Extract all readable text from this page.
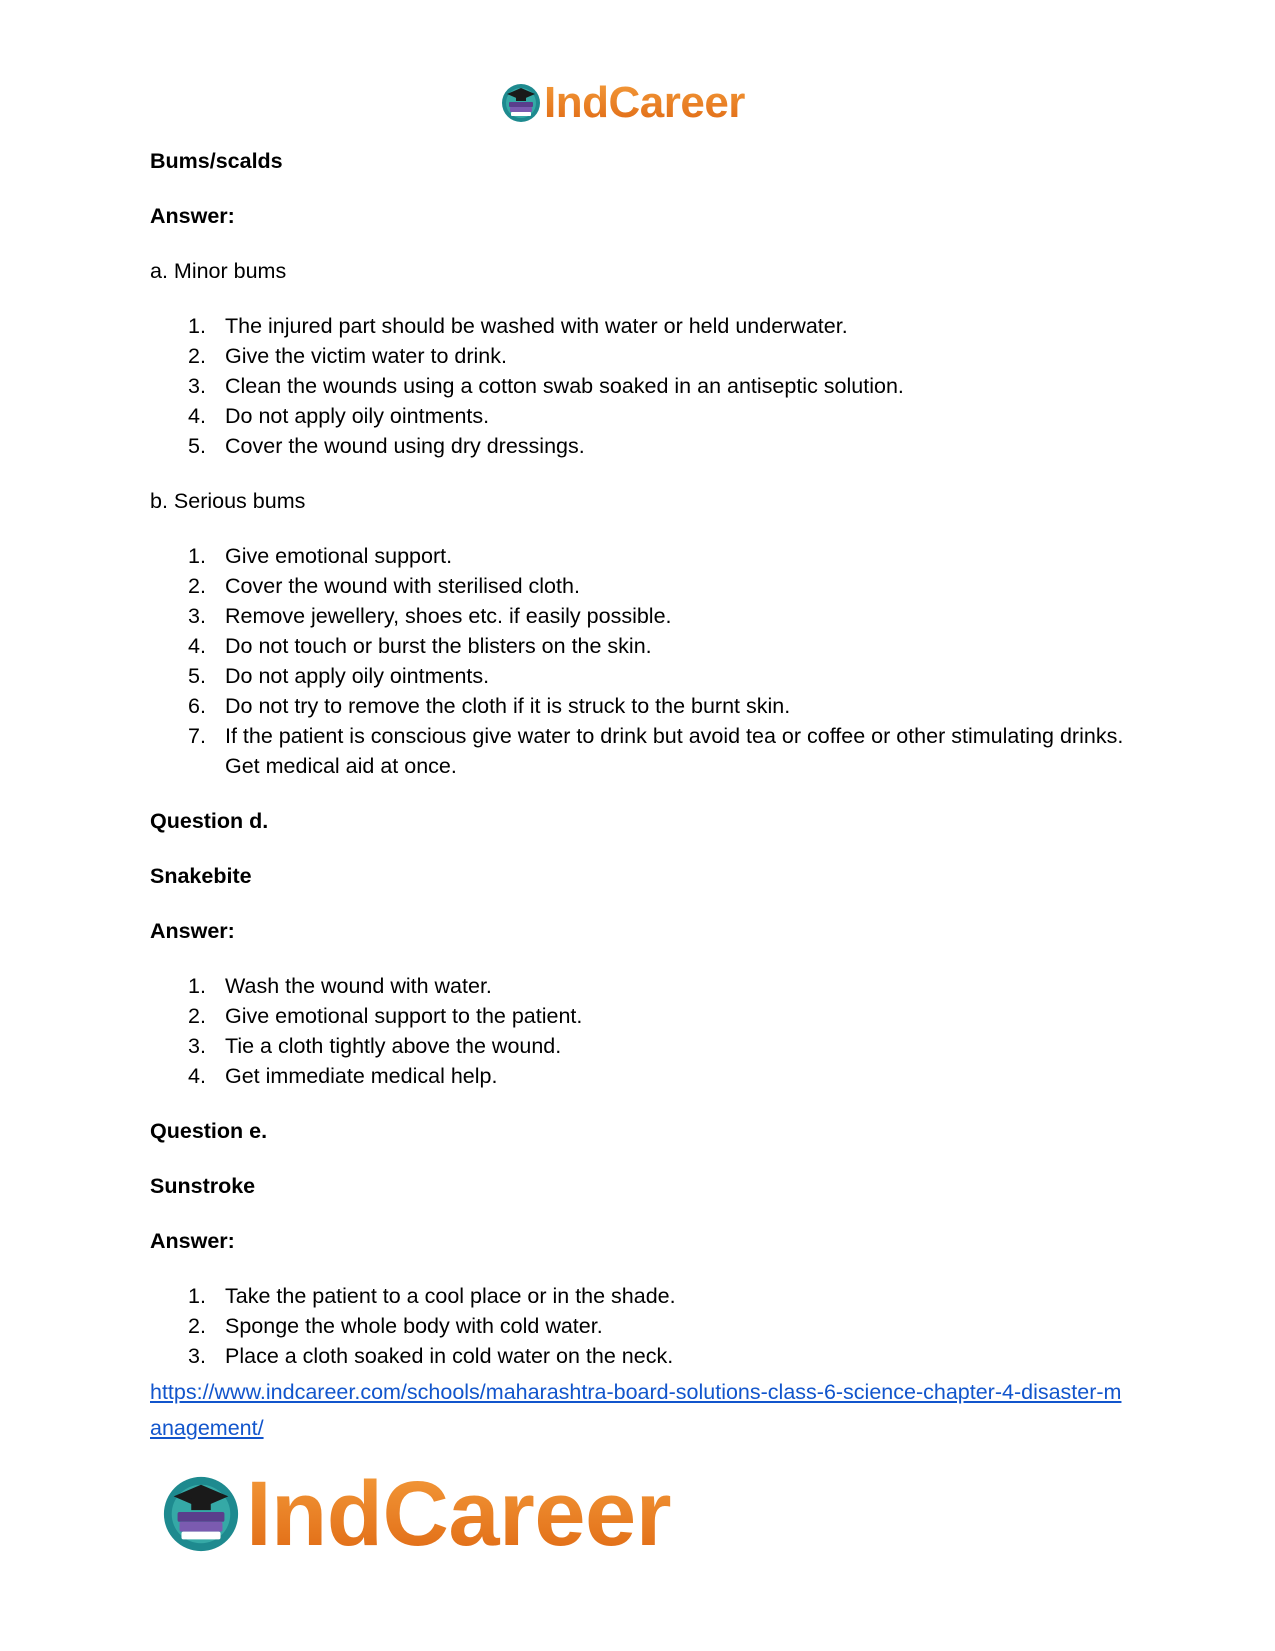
IndCareer

Bums/scalds

Answer:

a. Minor bums

1. The injured part should be washed with water or held underwater.
2. Give the victim water to drink.
3. Clean the wounds using a cotton swab soaked in an antiseptic solution.
4. Do not apply oily ointments.
5. Cover the wound using dry dressings.

b. Serious bums

1. Give emotional support.
2. Cover the wound with sterilised cloth.
3. Remove jewellery, shoes etc. if easily possible.
4. Do not touch or burst the blisters on the skin.
5. Do not apply oily ointments.
6. Do not try to remove the cloth if it is struck to the burnt skin.
7. If the patient is conscious give water to drink but avoid tea or coffee or other stimulating drinks. Get medical aid at once.

Question d.

Snakebite

Answer:

1. Wash the wound with water.
2. Give emotional support to the patient.
3. Tie a cloth tightly above the wound.
4. Get immediate medical help.

Question e.

Sunstroke

Answer:

1. Take the patient to a cool place or in the shade.
2. Sponge the whole body with cold water.
3. Place a cloth soaked in cold water on the neck.
https://www.indcareer.com/schools/maharashtra-board-solutions-class-6-science-chapter-4-disaster-management/
IndCareer
